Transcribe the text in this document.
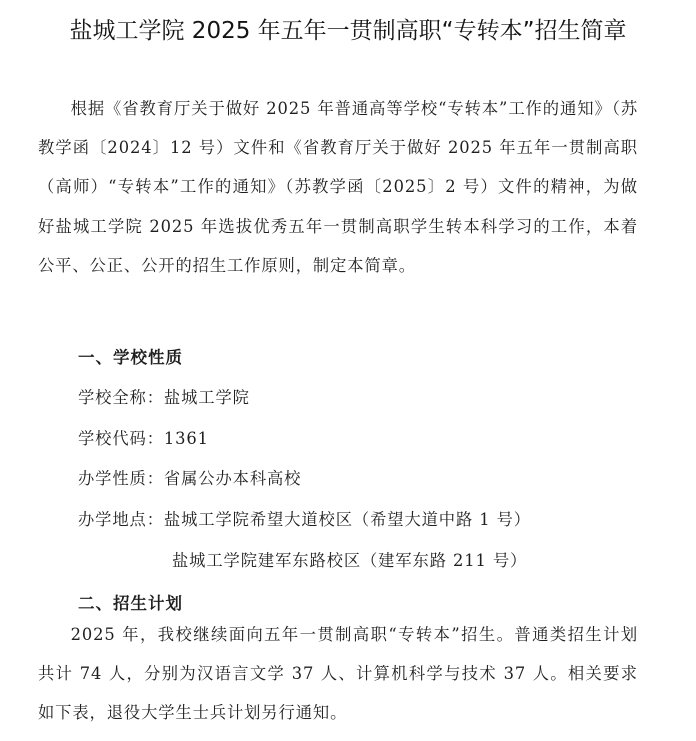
盐城工学院 2025 年五年一贯制高职“专转本”招生简章

根据《省教育厅关于做好 2025 年普通高等学校“专转本”工作的通知》（苏教学函〔2024〕12 号）文件和《省教育厅关于做好 2025 年五年一贯制高职（高师）“专转本”工作的通知》（苏教学函〔2025〕2 号）文件的精神，为做好盐城工学院 2025 年选拔优秀五年一贯制高职学生转本科学习的工作，本着公平、公正、公开的招生工作原则，制定本简章。

一、学校性质

学校全称：盐城工学院

学校代码：1361

办学性质：省属公办本科高校

办学地点：盐城工学院希望大道校区（希望大道中路 1 号）

盐城工学院建军东路校区（建军东路 211 号）

二、招生计划

2025 年，我校继续面向五年一贯制高职“专转本”招生。普通类招生计划共计 74 人，分别为汉语言文学 37 人、计算机科学与技术 37 人。相关要求如下表，退役大学生士兵计划另行通知。
